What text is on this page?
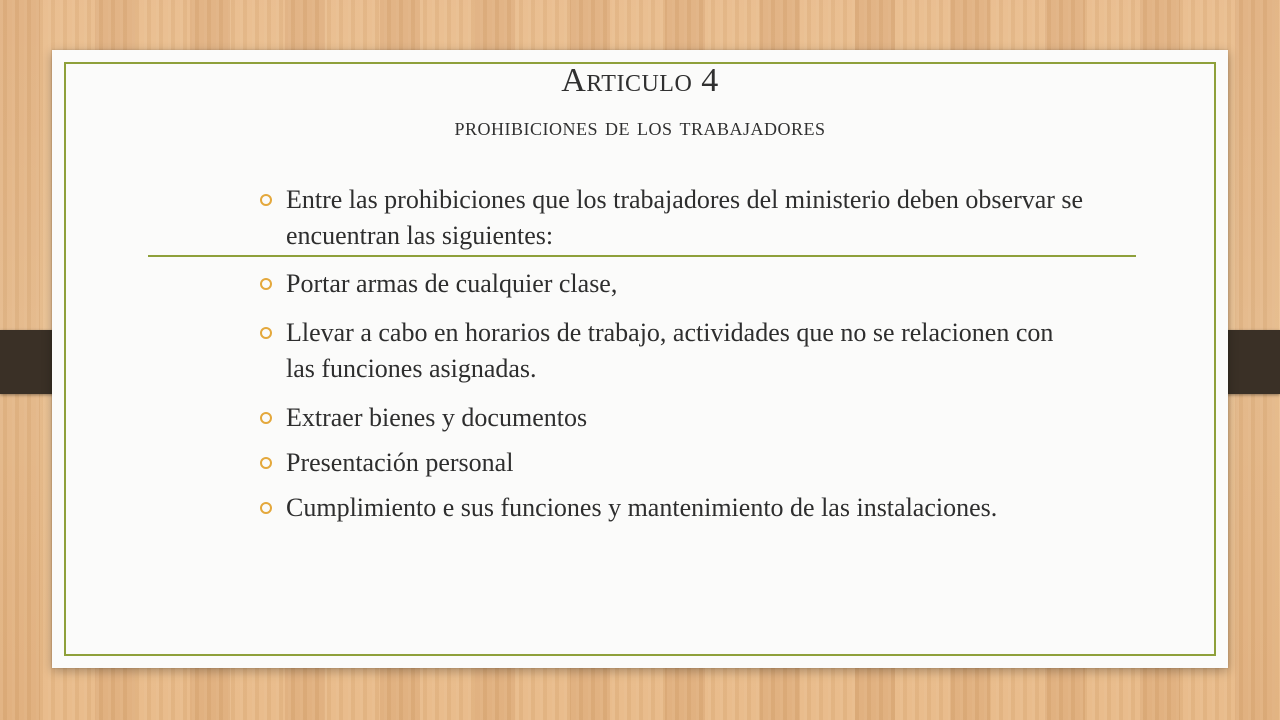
Articulo 4
prohibiciones de los trabajadores
Entre las prohibiciones que los trabajadores del ministerio deben observar se encuentran las siguientes:
Portar armas de cualquier clase,
Llevar a cabo en horarios de trabajo, actividades que no se relacionen con las funciones asignadas.
Extraer bienes y documentos
Presentación personal
Cumplimiento e sus funciones y mantenimiento de las instalaciones.
